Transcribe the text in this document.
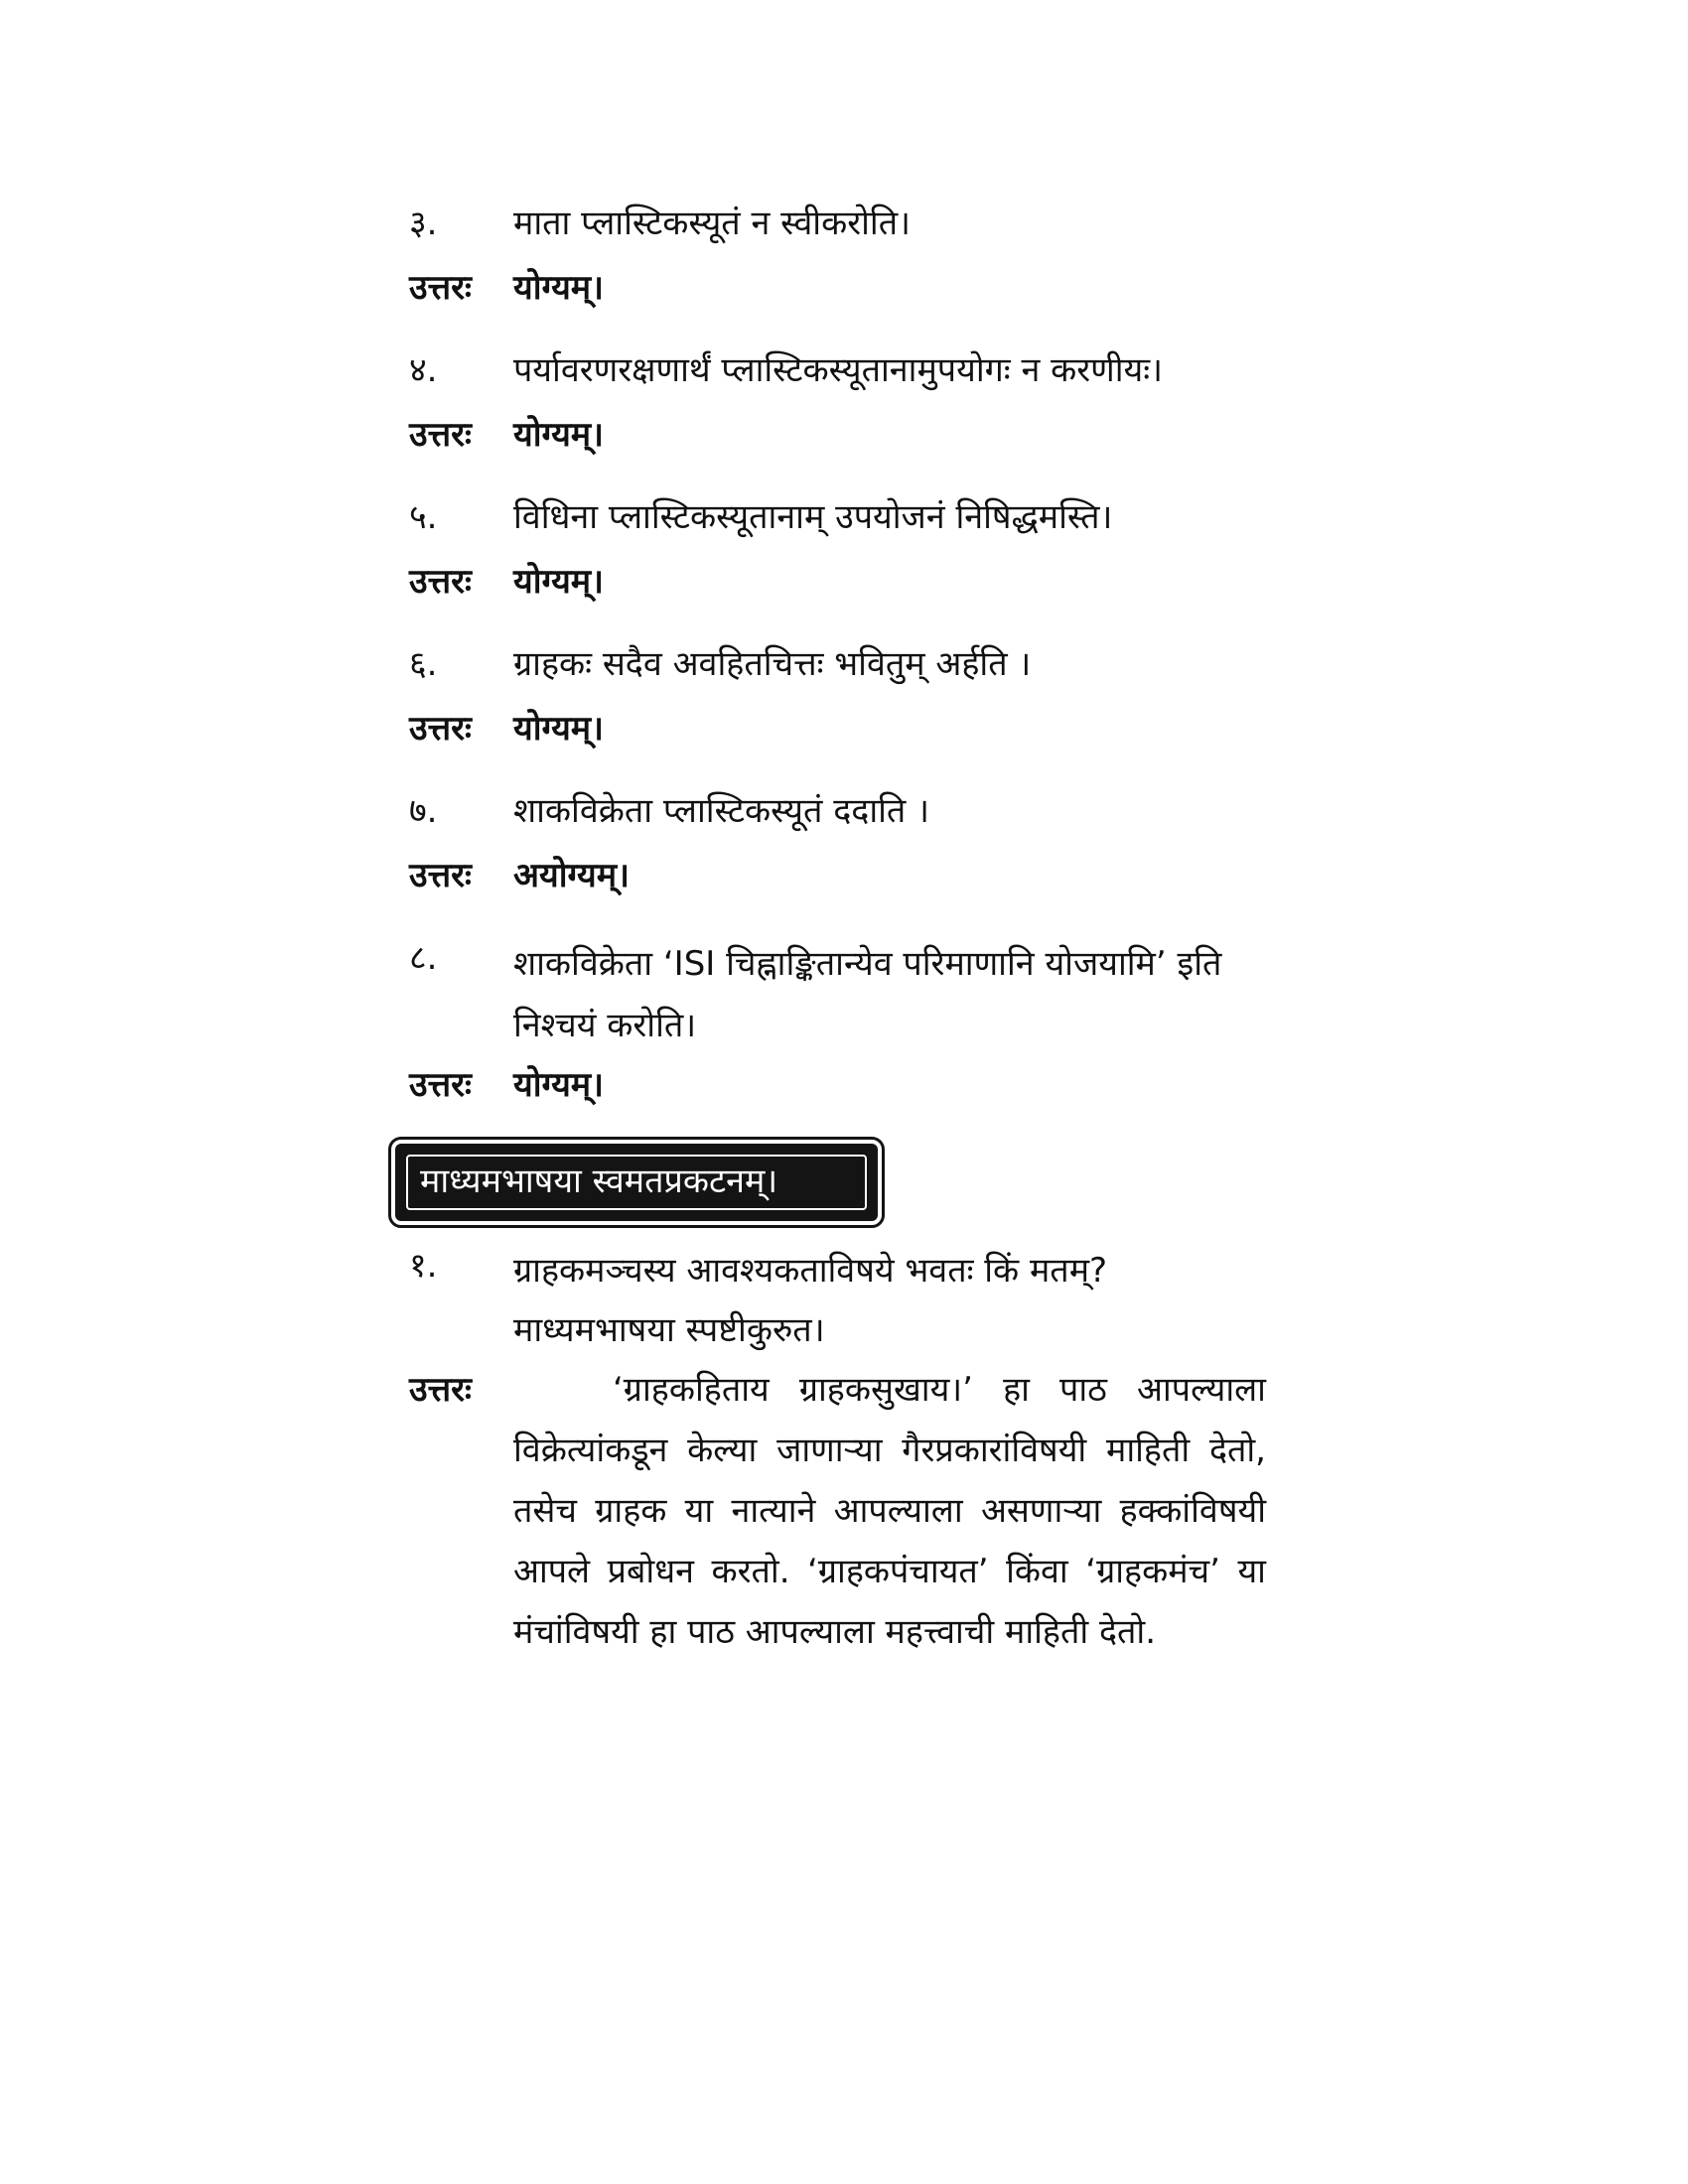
३. माता प्लास्टिकस्यूतं न स्वीकरोति।
उत्तरः योग्यम्।
४. पर्यावरणरक्षणार्थं प्लास्टिकस्यूतानामुपयोगः न करणीयः।
उत्तरः योग्यम्।
५. विधिना प्लास्टिकस्यूतानाम् उपयोजनं निषिद्धमस्ति।
उत्तरः योग्यम्।
६. ग्राहकः सदैव अवहितचित्तः भवितुम् अर्हति ।
उत्तरः योग्यम्।
७. शाकविक्रेता प्लास्टिकस्यूतं ददाति ।
उत्तरः अयोग्यम्।
८. शाकविक्रेता ‘ISI चिह्नाङ्कितान्येव परिमाणानि योजयामि’ इति निश्चयं करोति।
उत्तरः योग्यम्।
माध्यमभाषया स्वमतप्रकटनम्।
१. ग्राहकमञ्चस्य आवश्यकताविषये भवतः किं मतम्? माध्यमभाषया स्पष्टीकुरुत।
उत्तरः	‘ग्राहकहिताय ग्राहकसुखाय।’ हा पाठ आपल्याला विक्रेत्यांकडून केल्या जाणाऱ्या गैरप्रकारांविषयी माहिती देतो, तसेच ग्राहक या नात्याने आपल्याला असणाऱ्या हक्कांविषयी आपले प्रबोधन करतो. ‘ग्राहकपंचायत’ किंवा ‘ग्राहकमंच’ या मंचांविषयी हा पाठ आपल्याला महत्त्वाची माहिती देतो.
